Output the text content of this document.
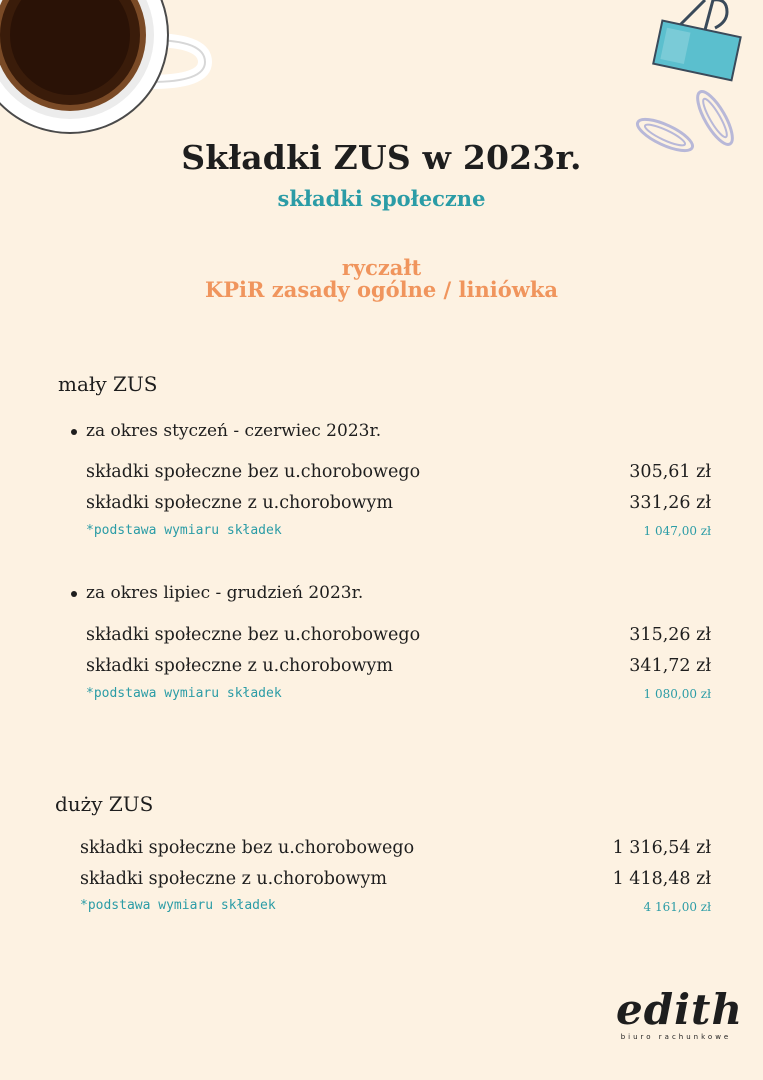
Składki ZUS w 2023r.
składki społeczne
ryczałt
KPiR zasady ogólne / liniówka
mały ZUS
za okres styczeń - czerwiec 2023r.
składki społeczne bez u.chorobowego	305,61 zł
składki społeczne z u.chorobowym	331,26 zł
*podstawa wymiaru składek	1 047,00 zł
za okres lipiec - grudzień 2023r.
składki społeczne bez u.chorobowego	315,26 zł
składki społeczne z u.chorobowym	341,72 zł
*podstawa wymiaru składek	1 080,00 zł
duży ZUS
składki społeczne bez u.chorobowego	1 316,54 zł
składki społeczne z u.chorobowym	1 418,48 zł
*podstawa wymiaru składek	4 161,00 zł
edith
biuro rachunkowe
